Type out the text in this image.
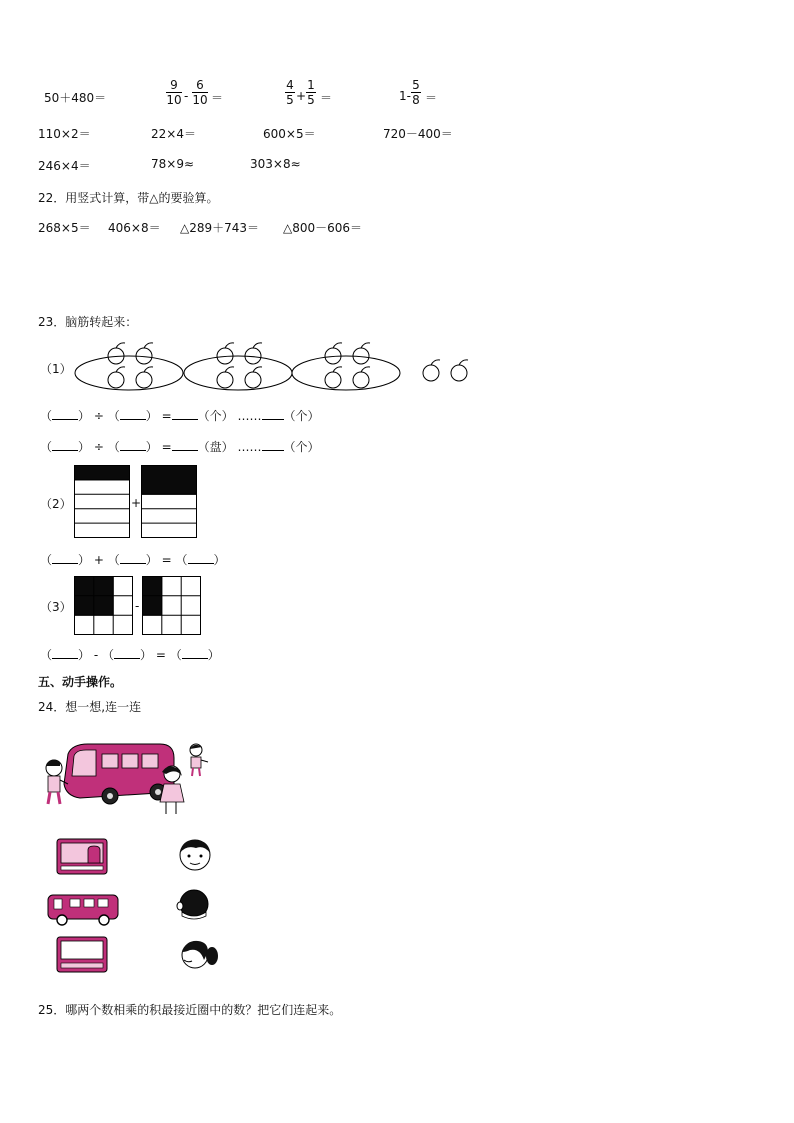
50＋480＝	$\frac{9}{10} - \frac{6}{10}$ ＝	$\frac{4}{5} + \frac{1}{5}$ ＝	$1- \frac{5}{8}$ ＝
110×2＝	22×4＝	600×5＝	720－400＝
246×4＝	78×9≈	303×8≈
22．用竖式计算，带△的要验算。
268×5＝ 406×8＝ △289＋743＝ △800－606＝
23．脑筋转起来：
（1）
（ ） ÷ （ ） = （个） …… （个）
（ ） ÷ （ ） = （盘） …… （个）
（2）	+
（ ） + （ ） = （ ）
（3）	-
（ ） - （ ） = （ ）
五、动手操作。
24．想一想,连一连
25．哪两个数相乘的积最接近圈中的数？把它们连起来。
